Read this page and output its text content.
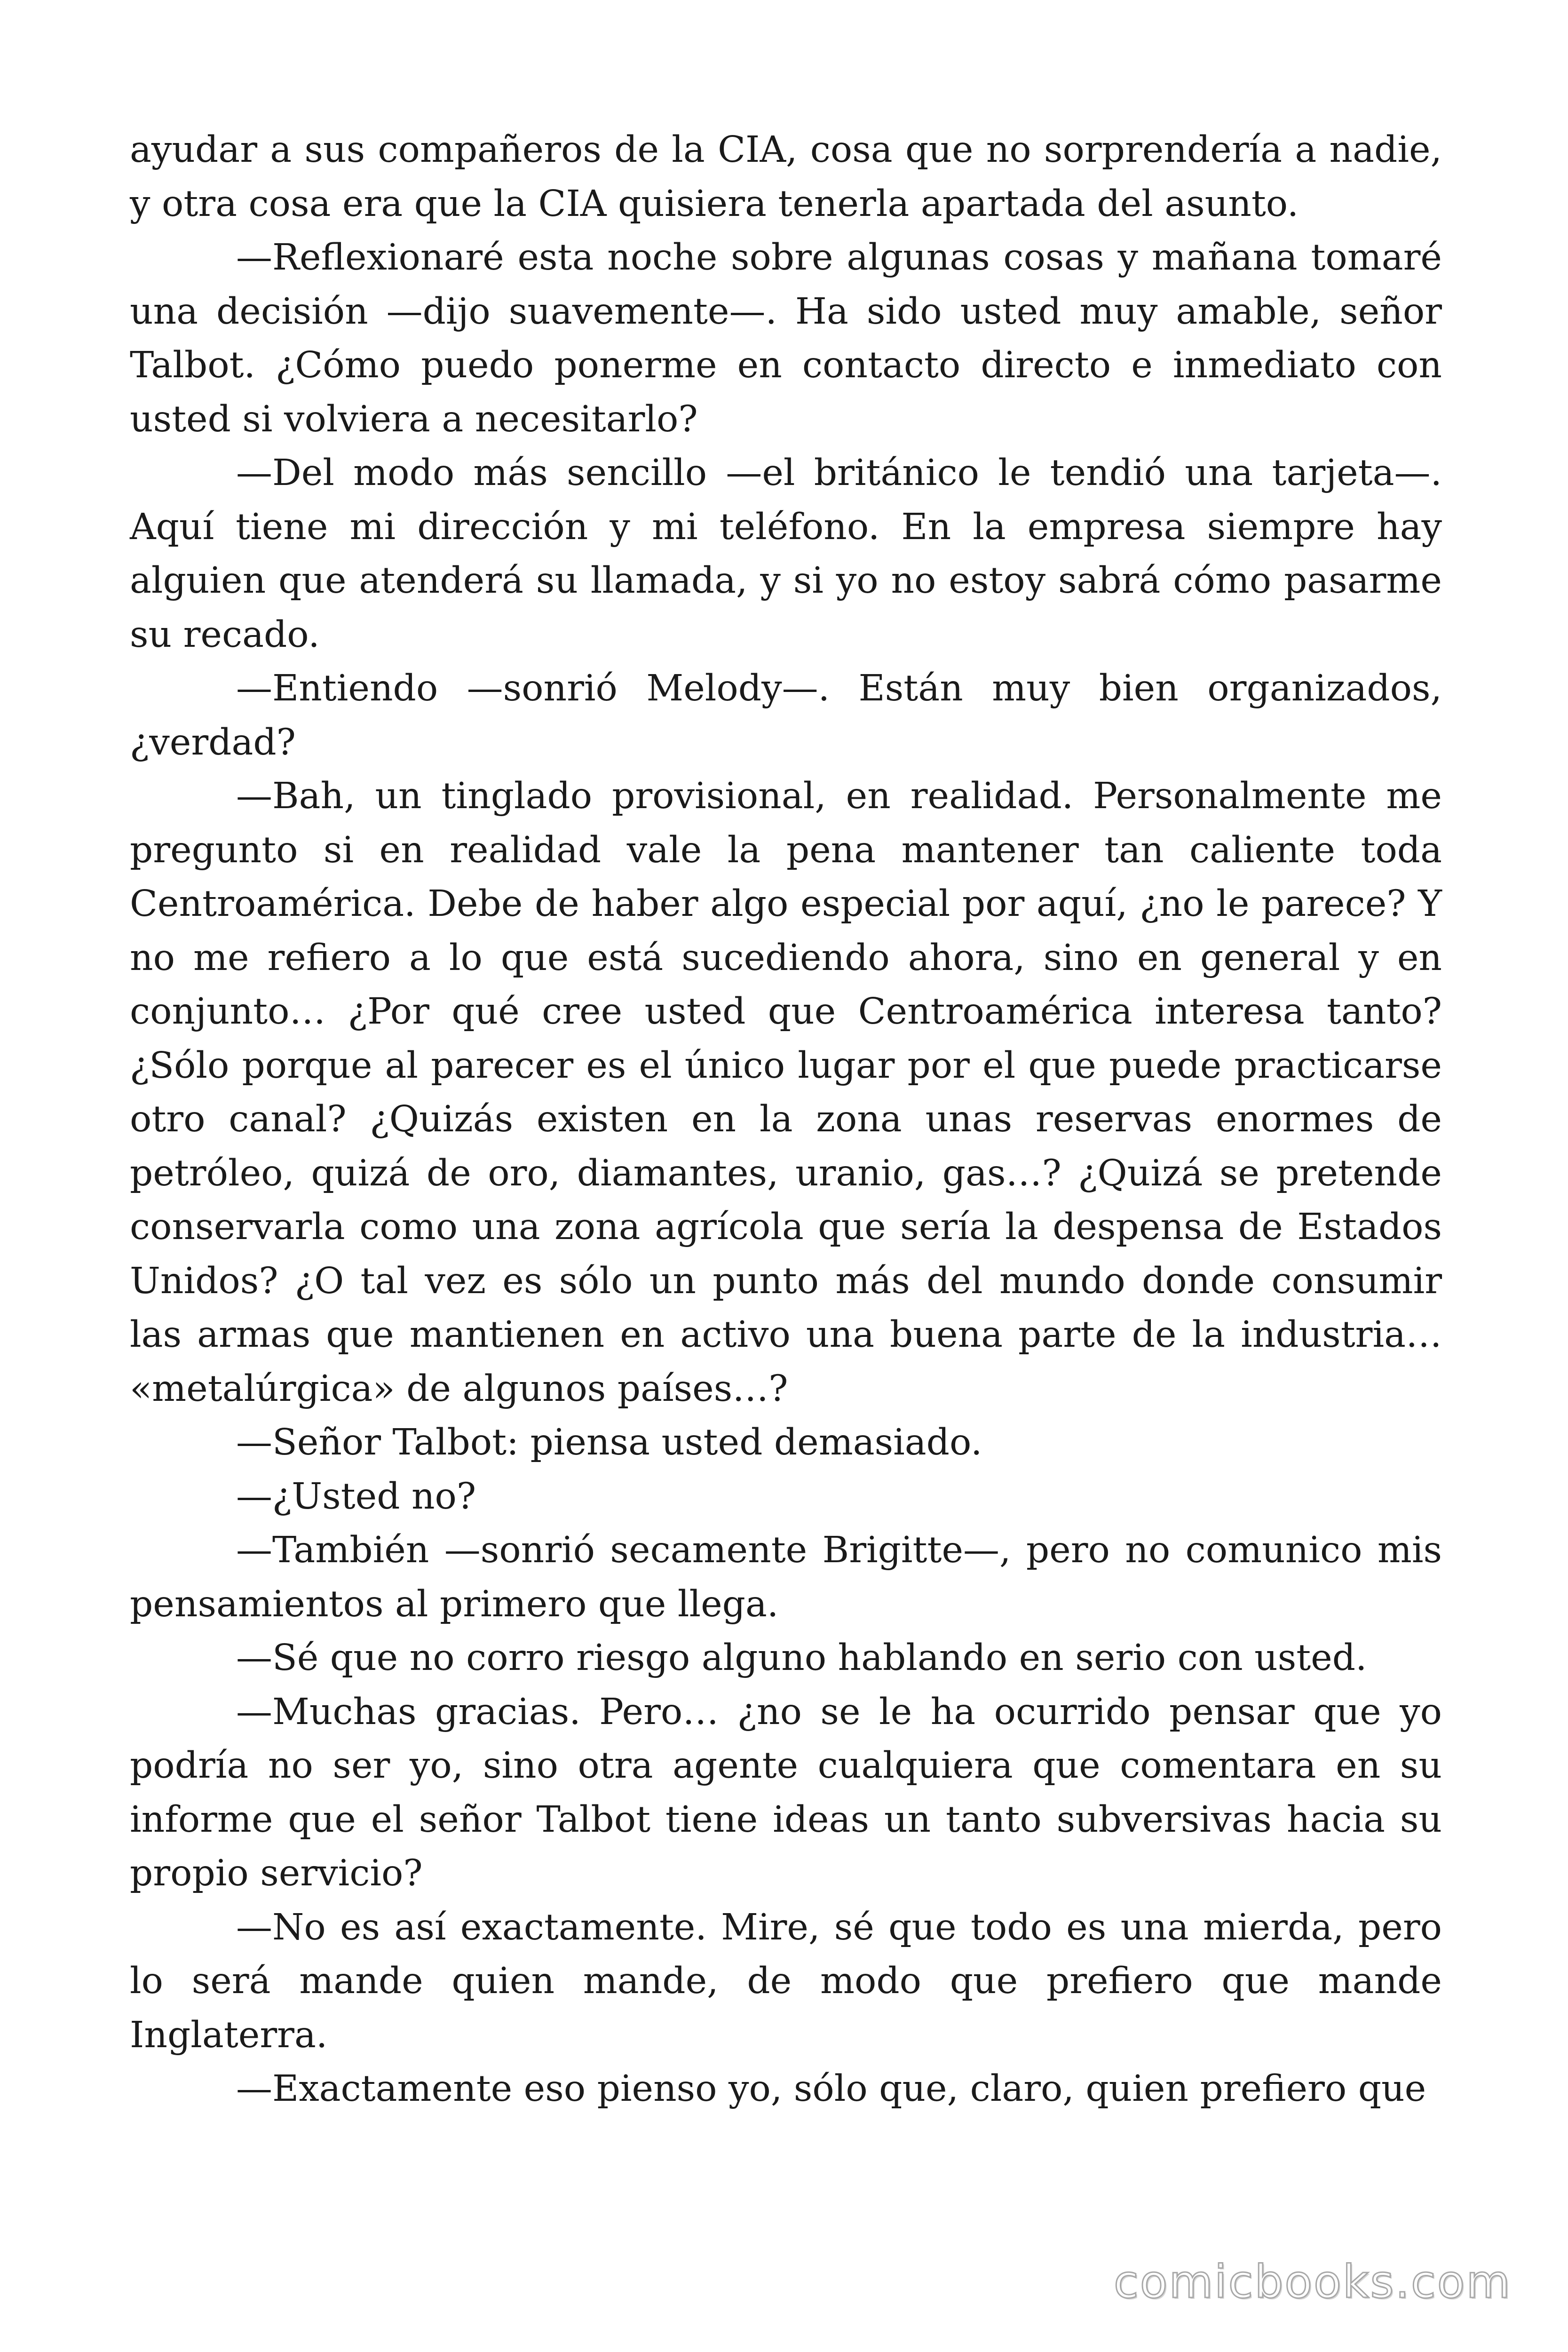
ayudar a sus compañeros de la CIA, cosa que no sorprendería a nadie, y otra cosa era que la CIA quisiera tenerla apartada del asunto.

—Reflexionaré esta noche sobre algunas cosas y mañana tomaré una decisión —dijo suavemente—. Ha sido usted muy amable, señor Talbot. ¿Cómo puedo ponerme en contacto directo e inmediato con usted si volviera a necesitarlo?

—Del modo más sencillo —el británico le tendió una tarjeta—. Aquí tiene mi dirección y mi teléfono. En la empresa siempre hay alguien que atenderá su llamada, y si yo no estoy sabrá cómo pasarme su recado.

—Entiendo —sonrió Melody—. Están muy bien organizados, ¿verdad?

—Bah, un tinglado provisional, en realidad. Personalmente me pregunto si en realidad vale la pena mantener tan caliente toda Centroamérica. Debe de haber algo especial por aquí, ¿no le parece? Y no me refiero a lo que está sucediendo ahora, sino en general y en conjunto… ¿Por qué cree usted que Centroamérica interesa tanto? ¿Sólo porque al parecer es el único lugar por el que puede practicarse otro canal? ¿Quizás existen en la zona unas reservas enormes de petróleo, quizá de oro, diamantes, uranio, gas…? ¿Quizá se pretende conservarla como una zona agrícola que sería la despensa de Estados Unidos? ¿O tal vez es sólo un punto más del mundo donde consumir las armas que mantienen en activo una buena parte de la industria… «metalúrgica» de algunos países…?

—Señor Talbot: piensa usted demasiado.

—¿Usted no?

—También —sonrió secamente Brigitte—, pero no comunico mis pensamientos al primero que llega.

—Sé que no corro riesgo alguno hablando en serio con usted.

—Muchas gracias. Pero… ¿no se le ha ocurrido pensar que yo podría no ser yo, sino otra agente cualquiera que comentara en su informe que el señor Talbot tiene ideas un tanto subversivas hacia su propio servicio?

—No es así exactamente. Mire, sé que todo es una mierda, pero lo será mande quien mande, de modo que prefiero que mande Inglaterra.

—Exactamente eso pienso yo, sólo que, claro, quien prefiero que

comicbooks.com
